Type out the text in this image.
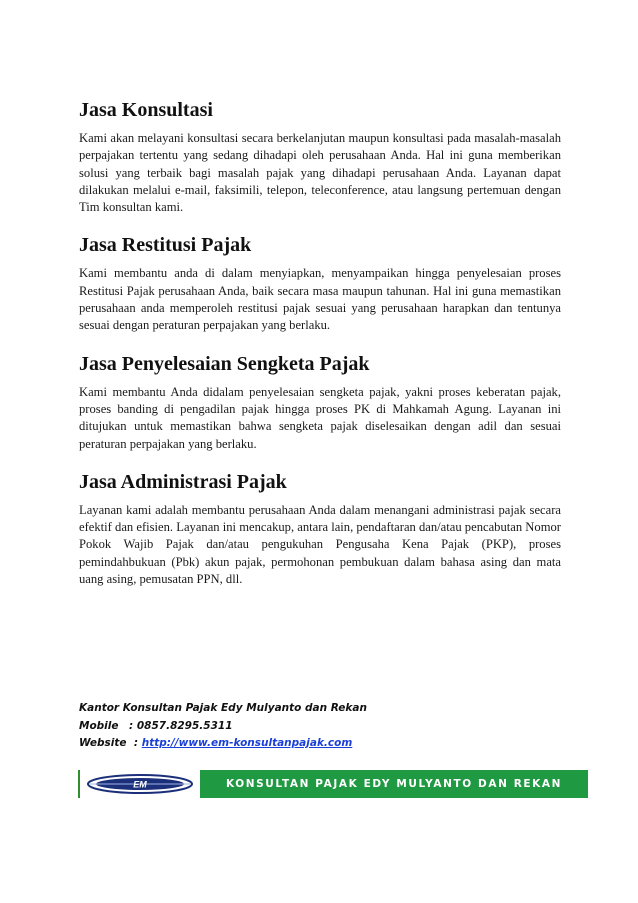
Jasa Konsultasi

Kami akan melayani konsultasi secara berkelanjutan maupun konsultasi pada masalah-masalah perpajakan tertentu yang sedang dihadapi oleh perusahaan Anda. Hal ini guna memberikan solusi yang terbaik bagi masalah pajak yang dihadapi perusahaan Anda. Layanan dapat dilakukan melalui e-mail, faksimili, telepon, teleconference, atau langsung pertemuan dengan Tim konsultan kami.

Jasa Restitusi Pajak

Kami membantu anda di dalam menyiapkan, menyampaikan hingga penyelesaian proses Restitusi Pajak perusahaan Anda, baik secara masa maupun tahunan. Hal ini guna memastikan perusahaan anda memperoleh restitusi pajak sesuai yang perusahaan harapkan dan tentunya sesuai dengan peraturan perpajakan yang berlaku.

Jasa Penyelesaian Sengketa Pajak

Kami membantu Anda didalam penyelesaian sengketa pajak, yakni proses keberatan pajak, proses banding di pengadilan pajak hingga proses PK di Mahkamah Agung. Layanan ini ditujukan untuk memastikan bahwa sengketa pajak diselesaikan dengan adil dan sesuai peraturan perpajakan yang berlaku.

Jasa Administrasi Pajak

Layanan kami adalah membantu perusahaan Anda dalam menangani administrasi pajak secara efektif dan efisien. Layanan ini mencakup, antara lain, pendaftaran dan/atau pencabutan Nomor Pokok Wajib Pajak dan/atau pengukuhan Pengusaha Kena Pajak (PKP), proses pemindahbukuan (Pbk) akun pajak, permohonan pembukuan dalam bahasa asing dan mata uang asing, pemusatan PPN, dll.

Kantor Konsultan Pajak Edy Mulyanto dan Rekan
Mobile : 0857.8295.5311
Website : http://www.em-konsultanpajak.com
EM	KONSULTAN PAJAK EDY MULYANTO DAN REKAN
